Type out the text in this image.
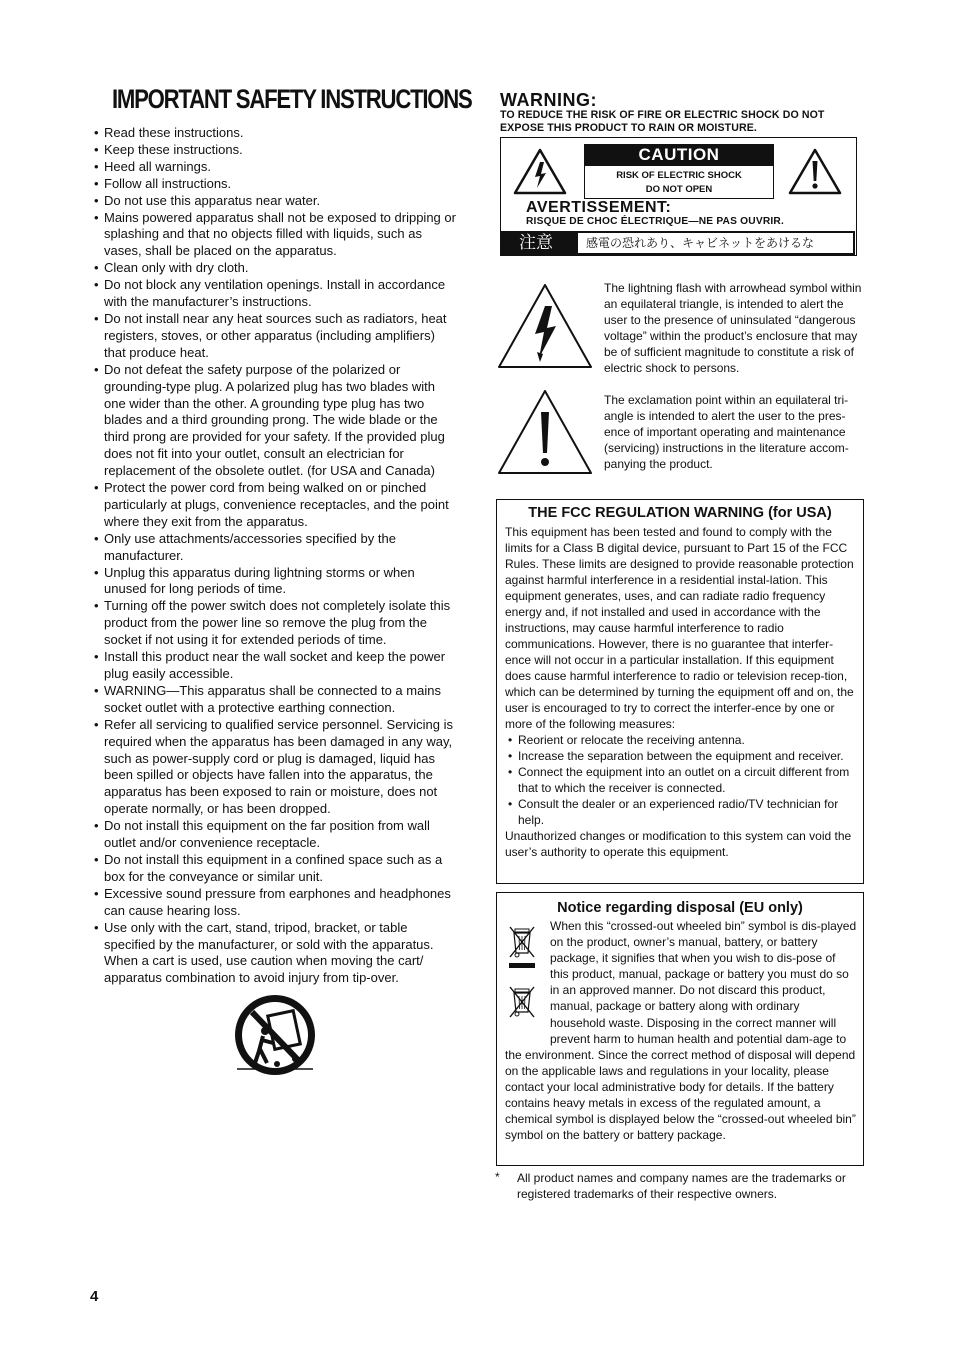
IMPORTANT SAFETY INSTRUCTIONS
• Read these instructions.
• Keep these instructions.
• Heed all warnings.
• Follow all instructions.
• Do not use this apparatus near water.
• Mains powered apparatus shall not be exposed to dripping or splashing and that no objects filled with liquids, such as vases, shall be placed on the apparatus.
• Clean only with dry cloth.
• Do not block any ventilation openings. Install in accordance with the manufacturer’s instructions.
• Do not install near any heat sources such as radiators, heat registers, stoves, or other apparatus (including amplifiers) that produce heat.
• Do not defeat the safety purpose of the polarized or grounding-type plug. A polarized plug has two blades with one wider than the other. A grounding type plug has two blades and a third grounding prong. The wide blade or the third prong are provided for your safety. If the provided plug does not fit into your outlet, consult an electrician for replacement of the obsolete outlet. (for USA and Canada)
• Protect the power cord from being walked on or pinched particularly at plugs, convenience receptacles, and the point where they exit from the apparatus.
• Only use attachments/accessories specified by the manufacturer.
• Unplug this apparatus during lightning storms or when unused for long periods of time.
• Turning off the power switch does not completely isolate this product from the power line so remove the plug from the socket if not using it for extended periods of time.
• Install this product near the wall socket and keep the power plug easily accessible.
• WARNING—This apparatus shall be connected to a mains socket outlet with a protective earthing connection.
• Refer all servicing to qualified service personnel. Servicing is required when the apparatus has been damaged in any way, such as power-supply cord or plug is damaged, liquid has been spilled or objects have fallen into the apparatus, the apparatus has been exposed to rain or moisture, does not operate normally, or has been dropped.
• Do not install this equipment on the far position from wall outlet and/or convenience receptacle.
• Do not install this equipment in a confined space such as a box for the conveyance or similar unit.
• Excessive sound pressure from earphones and headphones can cause hearing loss.
• Use only with the cart, stand, tripod, bracket, or table specified by the manufacturer, or sold with the apparatus. When a cart is used, use caution when moving the cart/ apparatus combination to avoid injury from tip-over.
WARNING:
TO REDUCE THE RISK OF FIRE OR ELECTRIC SHOCK DO NOT EXPOSE THIS PRODUCT TO RAIN OR MOISTURE.
CAUTION
RISK OF ELECTRIC SHOCK
DO NOT OPEN
AVERTISSEMENT:
RISQUE DE CHOC ÉLECTRIQUE—NE PAS OUVRIR.
注意	感電の恐れあり、キャビネットをあけるな
The lightning flash with arrowhead symbol within an equilateral triangle, is intended to alert the user to the presence of uninsulated “dangerous voltage” within the product’s enclosure that may be of sufficient magnitude to constitute a risk of electric shock to persons.
The exclamation point within an equilateral tri-angle is intended to alert the user to the pres-ence of important operating and maintenance (servicing) instructions in the literature accom-panying the product.
THE FCC REGULATION WARNING (for USA)
This equipment has been tested and found to comply with the limits for a Class B digital device, pursuant to Part 15 of the FCC Rules. These limits are designed to provide reasonable protection against harmful interference in a residential instal-lation. This equipment generates, uses, and can radiate radio frequency energy and, if not installed and used in accordance with the instructions, may cause harmful interference to radio communications. However, there is no guarantee that interfer-ence will not occur in a particular installation. If this equipment does cause harmful interference to radio or television recep-tion, which can be determined by turning the equipment off and on, the user is encouraged to try to correct the interfer-ence by one or more of the following measures:
• Reorient or relocate the receiving antenna.
• Increase the separation between the equipment and receiver.
• Connect the equipment into an outlet on a circuit different from that to which the receiver is connected.
• Consult the dealer or an experienced radio/TV technician for help.
Unauthorized changes or modification to this system can void the user’s authority to operate this equipment.
Notice regarding disposal (EU only)
When this “crossed-out wheeled bin” symbol is dis-played on the product, owner’s manual, battery, or battery package, it signifies that when you wish to dis-pose of this product, manual, package or battery you must do so in an approved manner. Do not discard this product, manual, package or battery along with ordinary household waste. Disposing in the correct manner will prevent harm to human health and potential dam-age to the environment. Since the correct method of disposal will depend on the applicable laws and regulations in your locality, please contact your local administrative body for details. If the battery contains heavy metals in excess of the regulated amount, a chemical symbol is displayed below the “crossed-out wheeled bin” symbol on the battery or battery package.
* All product names and company names are the trademarks or registered trademarks of their respective owners.
4
